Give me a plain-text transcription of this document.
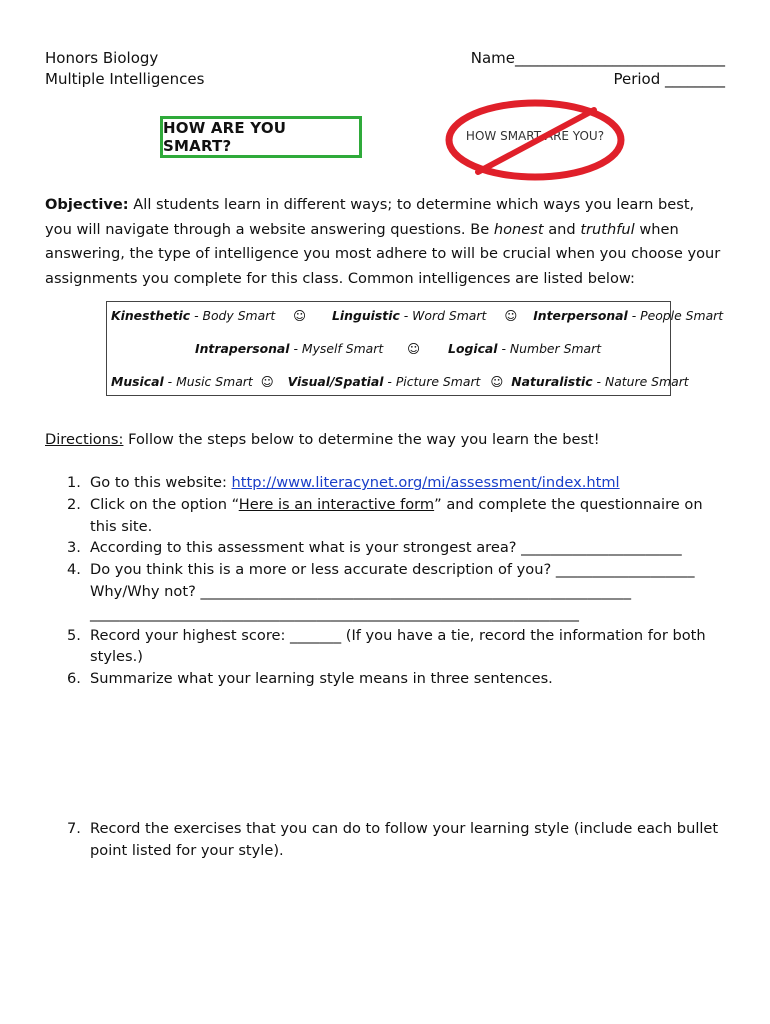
Honors Biology
Multiple Intelligences
Name____________________________
Period ________
HOW ARE YOU SMART?
HOW SMART ARE YOU?
Objective: All students learn in different ways; to determine which ways you learn best, you will navigate through a website answering questions. Be honest and truthful when answering, the type of intelligence you most adhere to will be crucial when you choose your assignments you complete for this class. Common intelligences are listed below:
Kinesthetic - Body Smart ☺ Linguistic - Word Smart ☺ Interpersonal - People Smart
Intrapersonal - Myself Smart ☺ Logical - Number Smart
Musical - Music Smart ☺ Visual/Spatial - Picture Smart ☺ Naturalistic - Nature Smart
Directions: Follow the steps below to determine the way you learn the best!
1. Go to this website: http://www.literacynet.org/mi/assessment/index.html
2. Click on the option “Here is an interactive form” and complete the questionnaire on this site.
3. According to this assessment what is your strongest area? ______________________
4. Do you think this is a more or less accurate description of you? ___________________
Why/Why not? ___________________________________________________________
___________________________________________________________________
5. Record your highest score: _______ (If you have a tie, record the information for both styles.)
6. Summarize what your learning style means in three sentences.
7. Record the exercises that you can do to follow your learning style (include each bullet point listed for your style).
